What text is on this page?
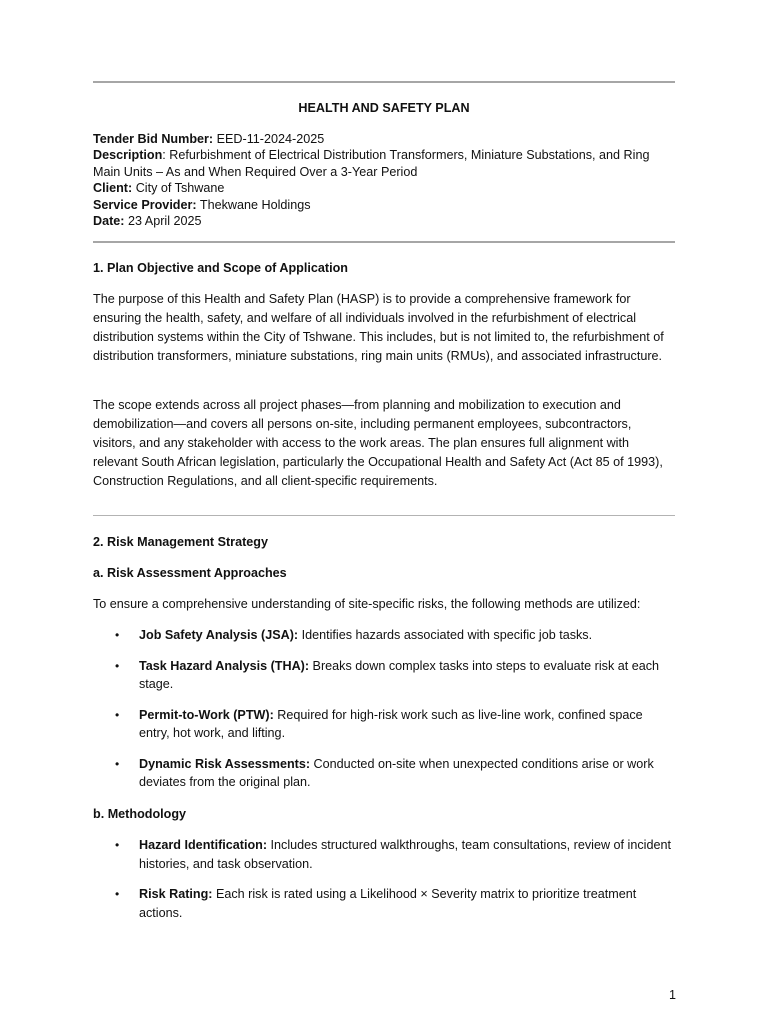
HEALTH AND SAFETY PLAN
Tender Bid Number: EED-11-2024-2025
Description: Refurbishment of Electrical Distribution Transformers, Miniature Substations, and Ring Main Units – As and When Required Over a 3-Year Period
Client: City of Tshwane
Service Provider: Thekwane Holdings
Date: 23 April 2025

1. Plan Objective and Scope of Application

The purpose of this Health and Safety Plan (HASP) is to provide a comprehensive framework for ensuring the health, safety, and welfare of all individuals involved in the refurbishment of electrical distribution systems within the City of Tshwane. This includes, but is not limited to, the refurbishment of distribution transformers, miniature substations, ring main units (RMUs), and associated infrastructure.

The scope extends across all project phases—from planning and mobilization to execution and demobilization—and covers all persons on-site, including permanent employees, subcontractors, visitors, and any stakeholder with access to the work areas. The plan ensures full alignment with relevant South African legislation, particularly the Occupational Health and Safety Act (Act 85 of 1993), Construction Regulations, and all client-specific requirements.

2. Risk Management Strategy

a. Risk Assessment Approaches

To ensure a comprehensive understanding of site-specific risks, the following methods are utilized:

• Job Safety Analysis (JSA): Identifies hazards associated with specific job tasks.
• Task Hazard Analysis (THA): Breaks down complex tasks into steps to evaluate risk at each stage.
• Permit-to-Work (PTW): Required for high-risk work such as live-line work, confined space entry, hot work, and lifting.
• Dynamic Risk Assessments: Conducted on-site when unexpected conditions arise or work deviates from the original plan.

b. Methodology

• Hazard Identification: Includes structured walkthroughs, team consultations, review of incident histories, and task observation.
• Risk Rating: Each risk is rated using a Likelihood × Severity matrix to prioritize treatment actions.
1
